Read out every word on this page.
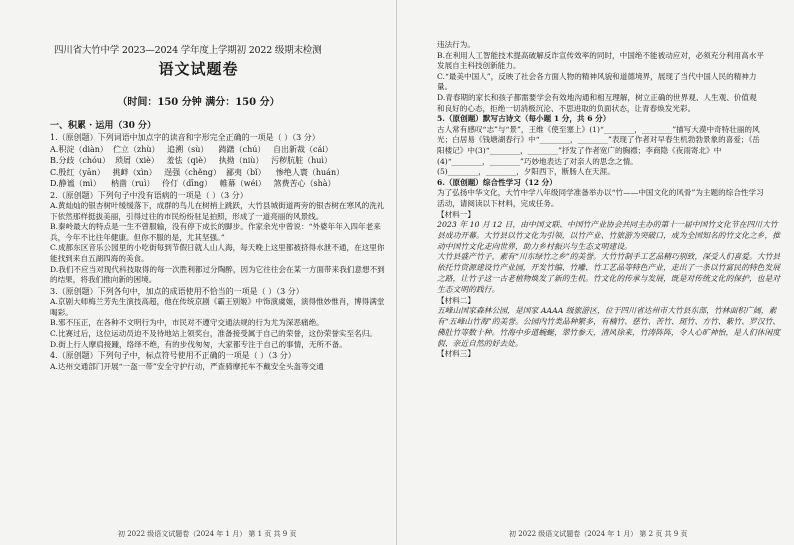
四川省大竹中学 2023—2024 学年度上学期初 2022 级期末检测
语文试题卷
（时间：150 分钟 满分：150 分）
一、积累 · 运用（30 分）
1.（原创题）下列词语中加点字的读音和字形完全正确的一项是（ ）（3 分）
A.积淀（diàn）  伫立（zhù）   追溯（sù）    踌躇（chú）   自出新裁（cái）
B.分歧（chóu）  琐屑（xiè）   羞怯（qiè）   执拗（niù）   污秽肮脏（huì）
C.殷红（yān）   挑衅（xìn）   逞强（chěng）  鄙夷（bǐ）    惨绝人寰（huán）
D.静谧（mì）    枘凿（ruì）   伶仃（dīng）   帷幕（wéi）   煞费苦心（shà）
2.（原创题）下列句子中没有语病的一项是（ ）（3 分）
A.黄灿灿的银杏树叶缓缓落下，成群的鸟儿在树梢上跳跃，大竹县城街道两旁的银杏树在寒风的洗礼下依然那样挺拔美丽，引得过往的市民纷纷驻足拍照，形成了一道亮丽的风景线。
B.秦岭最大的特点是一生不曾服输，没有停下成长的脚步。作家余光中曾说：“外婆年年入四年老来兵，今年不比往年健康。但你不服的是，尤其坚强。”
C.成都东区音乐公园里的小吃街每到节假日就人山人海，每天晚上这里都被挤得水泄不通，在这里你能找到来自五湖四海的美食。
D.我们不应当对现代科技取得的每一次胜利都过分陶醉，因为它往往会在某一方面带来我们意想不到的结果，将我们推向新的困境。
3.（原创题）下列各句中，加点的成语使用不恰当的一项是（ ）（3 分）
A.京剧大师梅兰芳先生演技高超，他在传统京剧《霸王别姬》中饰演虞姬，演得惟妙惟肖，博得满堂喝彩。
B.邪不压正，在各种不文明行为中，市民对不遵守交通法规的行为尤为深恶痛绝。
C.比赛过后，这位运动员迫不及待地站上领奖台，准备接受属于自己的荣誉，这份荣誉实至名归。
D.街上行人摩肩接踵，络绎不绝，有的步伐匆匆，大家都专注于自己的事情，无所不备。
4.（原创题）下列句子中，标点符号使用不正确的一项是（ ）（3 分）
A.达州交通部门开展“一盔一带”安全守护行动，严查骑摩托车不戴安全头盔等交通
初 2022 级语文试题卷（2024 年 1 月） 第 1 页 共 9 页
违法行为。
B.在利用人工智能技术提高破解反诈宣传效率的同时，中国绝不能被动应对，必须充分利用高水平发展自主科技创新能力。
C.“最美中国人”，反映了社会各方面人物的精神风貌和道德境界，展现了当代中国人民的精神力量。
D.青春期的家长和孩子都需要学会有效地沟通和相互理解，树立正确的世界观、人生观、价值观和良好的心态，拒绝一切消极沉沦、不思进取的负面状态，让青春焕发光彩。
5.（原创题）默写古诗文（每小题 1 分，共 6 分）
古人常有感叹“志”与“景”，王维《使至塞上》(1)“________，________”描写大漠中奇特壮丽的风光；白居易《钱塘湖春行》中“________，________”表现了作者对早春生机勃勃景象的喜爱；《岳阳楼记》中(3)“________，________”抒发了作者宽广的胸襟；李商隐《夜雨寄北》中(4)“________，________”巧妙地表达了对亲人的思念之情。
(5)________，________，夕阳西下，断肠人在天涯。
6.（原创题）综合性学习（12 分）
为了弘扬中华文化，大竹中学八年级同学准备举办以“竹——中国文化的风骨”为主题的综合性学习活动，请阅读以下材料，完成任务。
【材料一】
2023 年 10 月 12 日，由中国文联、中国竹产业协会共同主办的第十一届中国竹文化节在四川大竹县成功开幕。大竹县以竹文化为引领，以竹产业、竹旅游为突破口，成为全国知名的竹文化之乡，推动中国竹文化走向世界，助力乡村振兴与生态文明建设。
大竹县盛产竹子，素有“川东绿竹之乡”的美誉。大竹竹制手工艺品精巧别致，深受人们喜爱。大竹县依托竹资源建设竹产业园，开发竹编、竹雕、竹工艺品等特色产业，走出了一条以竹富民的特色发展之路，让竹子这一古老植物焕发了新的生机。竹文化的传承与发展，既是对传统文化的保护，也是对生态文明的践行。
【材料二】
五峰山国家森林公园，是国家 AAAA 级旅游区，位于四川省达州市大竹县东部，竹林面积广阔，素有“五峰山竹海”的美誉。公园内竹类品种繁多，有楠竹、慈竹、苦竹、斑竹、方竹、紫竹、罗汉竹、佛肚竹等数十种。竹海中步道蜿蜒，翠竹参天，清风徐来，竹涛阵阵，令人心旷神怡，是人们休闲度假、亲近自然的好去处。
【材料三】
初 2022 级语文试题卷（2024 年 1 月） 第 2 页 共 9 页
